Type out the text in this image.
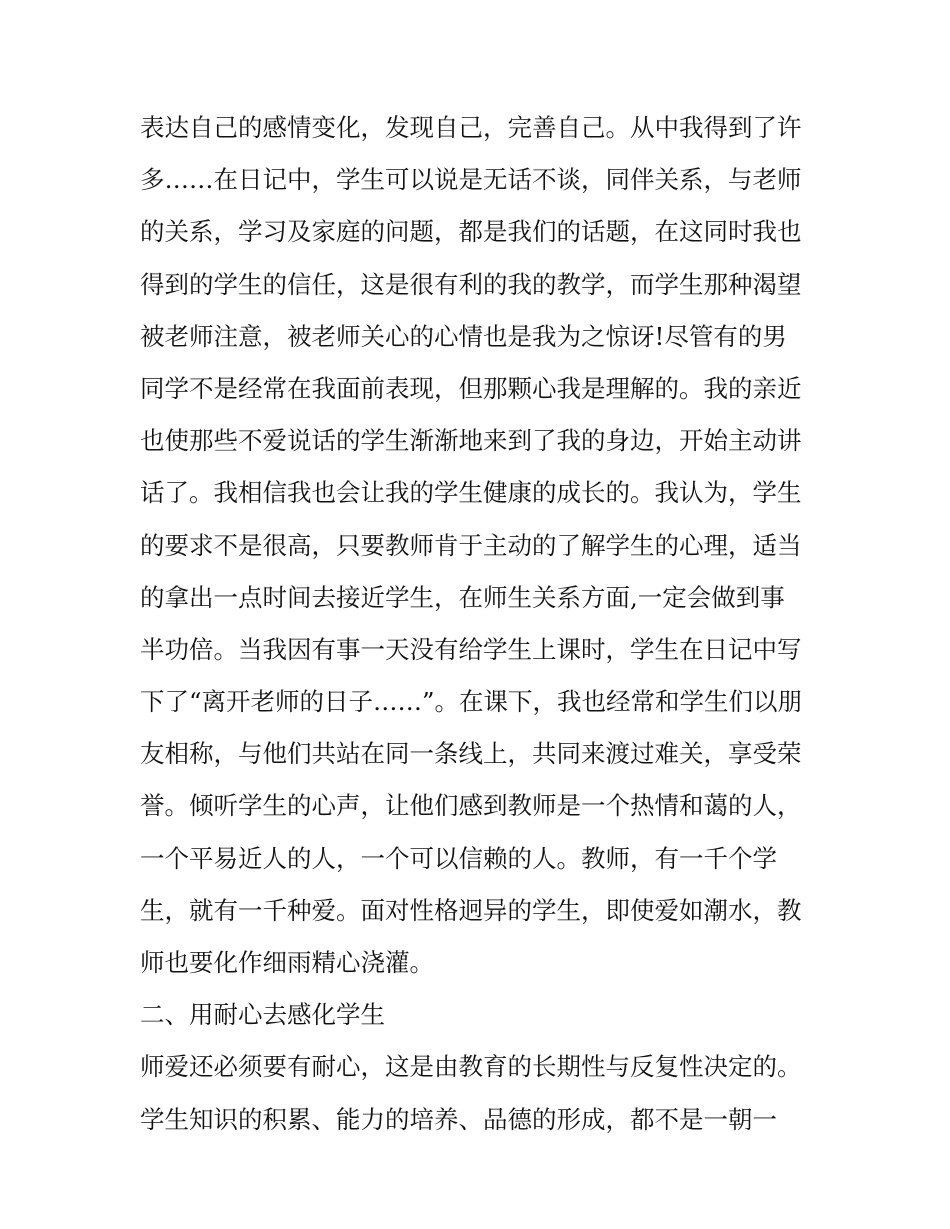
表达自己的感情变化，发现自己，完善自己。从中我得到了许
多……在日记中，学生可以说是无话不谈，同伴关系，与老师
的关系，学习及家庭的问题，都是我们的话题，在这同时我也
得到的学生的信任，这是很有利的我的教学，而学生那种渴望
被老师注意，被老师关心的心情也是我为之惊讶!尽管有的男
同学不是经常在我面前表现，但那颗心我是理解的。我的亲近
也使那些不爱说话的学生渐渐地来到了我的身边，开始主动讲
话了。我相信我也会让我的学生健康的成长的。我认为，学生
的要求不是很高，只要教师肯于主动的了解学生的心理，适当
的拿出一点时间去接近学生，在师生关系方面,一定会做到事
半功倍。当我因有事一天没有给学生上课时，学生在日记中写
下了“离开老师的日子……”。在课下，我也经常和学生们以朋
友相称，与他们共站在同一条线上，共同来渡过难关，享受荣
誉。倾听学生的心声，让他们感到教师是一个热情和蔼的人，
一个平易近人的人，一个可以信赖的人。教师，有一千个学
生，就有一千种爱。面对性格迥异的学生，即使爱如潮水，教
师也要化作细雨精心浇灌。
二、用耐心去感化学生
师爱还必须要有耐心，这是由教育的长期性与反复性决定的。
学生知识的积累、能力的培养、品德的形成，都不是一朝一
